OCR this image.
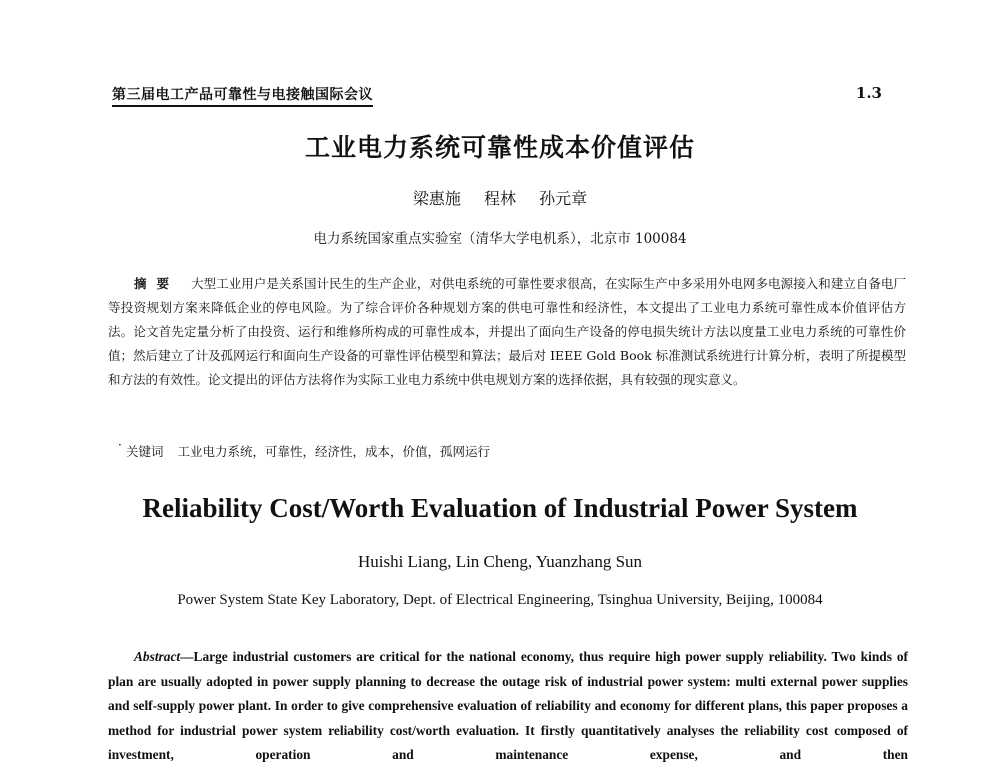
第三届电工产品可靠性与电接触国际会议	1.3
工业电力系统可靠性成本价值评估
梁惠施 程林 孙元章
电力系统国家重点实验室（清华大学电机系），北京市 100084
摘要 大型工业用户是关系国计民生的生产企业，对供电系统的可靠性要求很高，在实际生产中多采用外电网多电源接入和建立自备电厂等投资规划方案来降低企业的停电风险。为了综合评价各种规划方案的供电可靠性和经济性，本文提出了工业电力系统可靠性成本价值评估方法。论文首先定量分析了由投资、运行和维修所构成的可靠性成本，并提出了面向生产设备的停电损失统计方法以度量工业电力系统的可靠性价值；然后建立了计及孤网运行和面向生产设备的可靠性评估模型和算法；最后对 IEEE Gold Book 标准测试系统进行计算分析，表明了所提模型和方法的有效性。论文提出的评估方法将作为实际工业电力系统中供电规划方案的选择依据，具有较强的现实意义。
· 关键词 工业电力系统，可靠性，经济性，成本，价值，孤网运行
Reliability Cost/Worth Evaluation of Industrial Power System
Huishi Liang, Lin Cheng, Yuanzhang Sun
Power System State Key Laboratory, Dept. of Electrical Engineering, Tsinghua University, Beijing, 100084
Abstract—Large industrial customers are critical for the national economy, thus require high power supply reliability. Two kinds of plan are usually adopted in power supply planning to decrease the outage risk of industrial power system: multi external power supplies and self-supply power plant. In order to give comprehensive evaluation of reliability and economy for different plans, this paper proposes a method for industrial power system reliability cost/worth evaluation. It firstly quantitatively analyses the reliability cost composed of investment, operation and maintenance expense, and then
